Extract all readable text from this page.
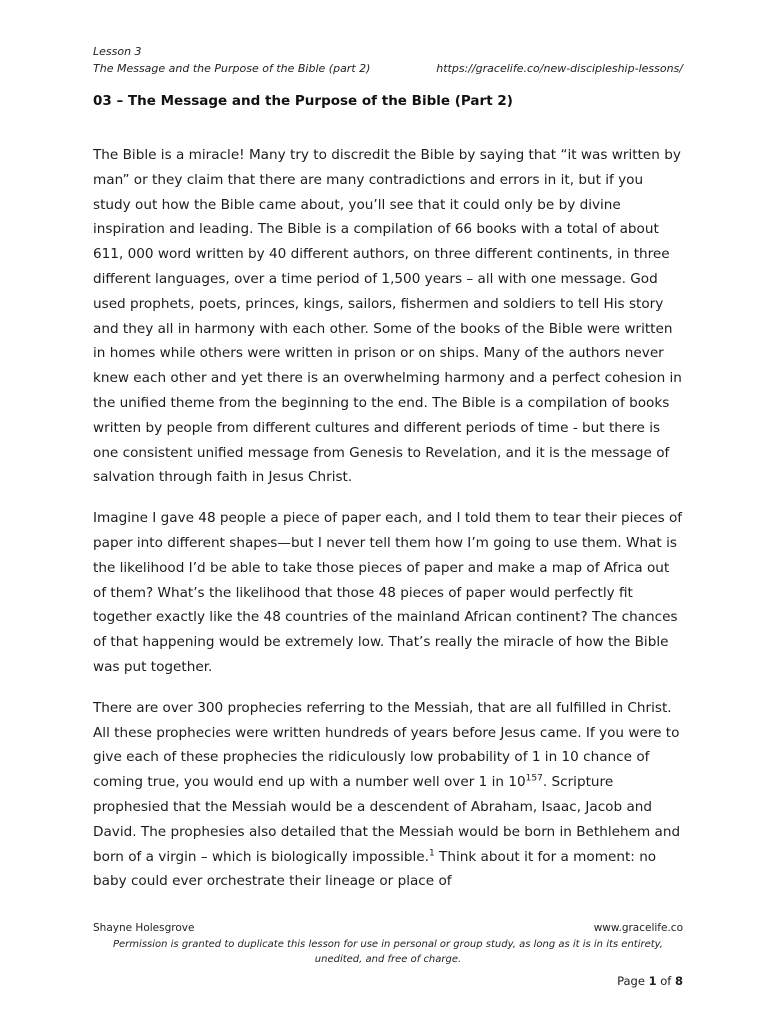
Lesson 3
The Message and the Purpose of the Bible (part 2)	https://gracelife.co/new-discipleship-lessons/
03 – The Message and the Purpose of the Bible (Part 2)

The Bible is a miracle! Many try to discredit the Bible by saying that “it was written by man” or they claim that there are many contradictions and errors in it, but if you study out how the Bible came about, you’ll see that it could only be by divine inspiration and leading. The Bible is a compilation of 66 books with a total of about 611, 000 word written by 40 different authors, on three different continents, in three different languages, over a time period of 1,500 years – all with one message. God used prophets, poets, princes, kings, sailors, fishermen and soldiers to tell His story and they all in harmony with each other. Some of the books of the Bible were written in homes while others were written in prison or on ships. Many of the authors never knew each other and yet there is an overwhelming harmony and a perfect cohesion in the unified theme from the beginning to the end. The Bible is a compilation of books written by people from different cultures and different periods of time - but there is one consistent unified message from Genesis to Revelation, and it is the message of salvation through faith in Jesus Christ.

Imagine I gave 48 people a piece of paper each, and I told them to tear their pieces of paper into different shapes—but I never tell them how I’m going to use them. What is the likelihood I’d be able to take those pieces of paper and make a map of Africa out of them? What’s the likelihood that those 48 pieces of paper would perfectly fit together exactly like the 48 countries of the mainland African continent? The chances of that happening would be extremely low. That’s really the miracle of how the Bible was put together.

There are over 300 prophecies referring to the Messiah, that are all fulfilled in Christ. All these prophecies were written hundreds of years before Jesus came. If you were to give each of these prophecies the ridiculously low probability of 1 in 10 chance of coming true, you would end up with a number well over 1 in $10^{157}$. Scripture prophesied that the Messiah would be a descendent of Abraham, Isaac, Jacob and David. The prophesies also detailed that the Messiah would be born in Bethlehem and born of a virgin – which is biologically impossible.$^1$ Think about it for a moment: no baby could ever orchestrate their lineage or place of

Shayne Holesgrove	www.gracelife.co
Permission is granted to duplicate this lesson for use in personal or group study, as long as it is in its entirety, unedited, and free of charge.
Page 1 of 8
